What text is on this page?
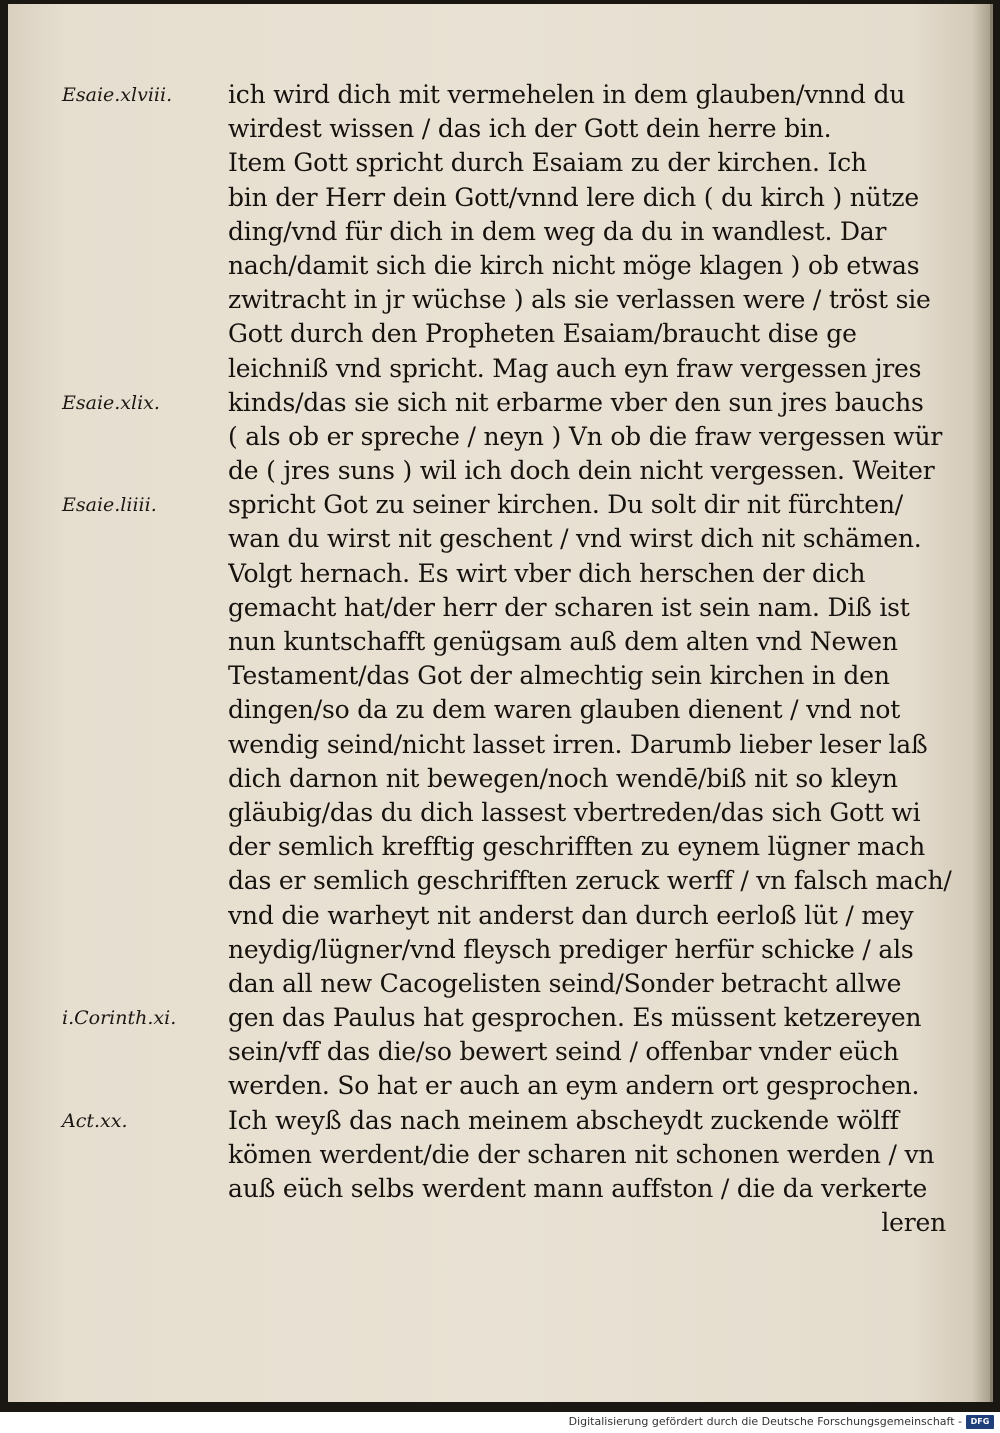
Esaie.xlviii.
Esaie.xlix.
Esaie.liiii.
i.Corinth.xi.
Act.xx.
ich wird dich mit vermehelen in dem glauben/vnnd du
wirdest wissen / das ich der Gott dein herre bin.
Item Gott spricht durch Esaiam zu der kirchen. Ich
bin der Herr dein Gott/vnnd lere dich ( du kirch ) nütze
ding/vnd für dich in dem weg da du in wandlest. Dar
nach/damit sich die kirch nicht möge klagen ) ob etwas
zwitracht in jr wüchse ) als sie verlassen were / tröst sie
Gott durch den Propheten Esaiam/braucht dise ge
leichniß vnd spricht. Mag auch eyn fraw vergessen jres
kinds/das sie sich nit erbarme vber den sun jres bauchs
( als ob er spreche / neyn ) Vn ob die fraw vergessen wür
de ( jres suns ) wil ich doch dein nicht vergessen. Weiter
spricht Got zu seiner kirchen. Du solt dir nit fürchten/
wan du wirst nit geschent / vnd wirst dich nit schämen.
Volgt hernach. Es wirt vber dich herschen der dich
gemacht hat/der herr der scharen ist sein nam. Diß ist
nun kuntschafft genügsam auß dem alten vnd Newen
Testament/das Got der almechtig sein kirchen in den
dingen/so da zu dem waren glauben dienent / vnd not
wendig seind/nicht lasset irren. Darumb lieber leser laß
dich darnon nit bewegen/noch wendē/biß nit so kleyn
gläubig/das du dich lassest vbertreden/das sich Gott wi
der semlich krefftig geschrifften zu eynem lügner mach
das er semlich geschrifften zeruck werff / vn falsch mach/
vnd die warheyt nit anderst dan durch eerloß lüt / mey
neydig/lügner/vnd fleysch prediger herfür schicke / als
dan all new Cacogelisten seind/Sonder betracht allwe
gen das Paulus hat gesprochen. Es müssent ketzereyen
sein/vff das die/so bewert seind / offenbar vnder eüch
werden. So hat er auch an eym andern ort gesprochen.
Ich weyß das nach meinem abscheydt zuckende wölff
kömen werdent/die der scharen nit schonen werden / vn
auß eüch selbs werdent mann auffston / die da verkerte
leren
Digitalisierung gefördert durch die Deutsche Forschungsgemeinschaft -	DFG
